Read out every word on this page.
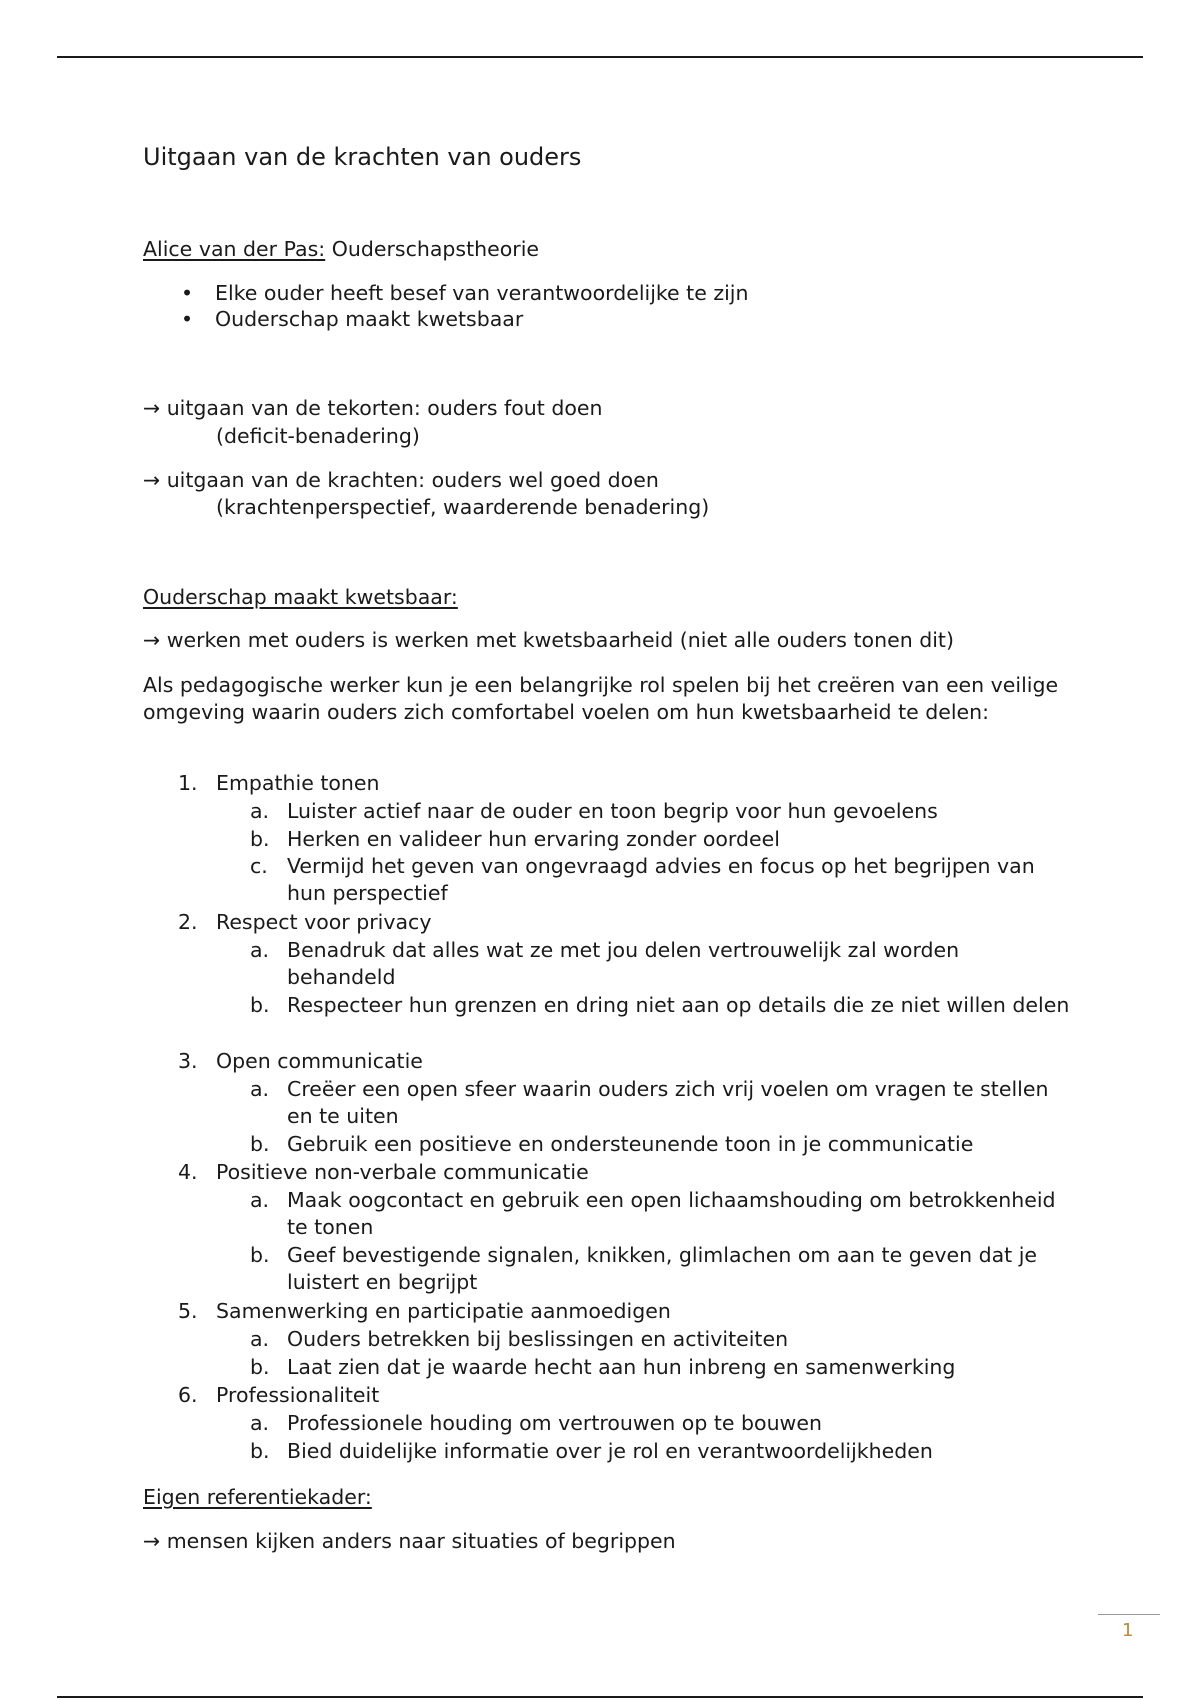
Uitgaan van de krachten van ouders
Alice van der Pas: Ouderschapstheorie
• Elke ouder heeft besef van verantwoordelijke te zijn
• Ouderschap maakt kwetsbaar
→ uitgaan van de tekorten: ouders fout doen
(deficit-benadering)
→ uitgaan van de krachten: ouders wel goed doen
(krachtenperspectief, waarderende benadering)
Ouderschap maakt kwetsbaar:
→ werken met ouders is werken met kwetsbaarheid (niet alle ouders tonen dit)
Als pedagogische werker kun je een belangrijke rol spelen bij het creëren van een veilige omgeving waarin ouders zich comfortabel voelen om hun kwetsbaarheid te delen:
1. Empathie tonen
a. Luister actief naar de ouder en toon begrip voor hun gevoelens
b. Herken en valideer hun ervaring zonder oordeel
c. Vermijd het geven van ongevraagd advies en focus op het begrijpen van hun perspectief
2. Respect voor privacy
a. Benadruk dat alles wat ze met jou delen vertrouwelijk zal worden behandeld
b. Respecteer hun grenzen en dring niet aan op details die ze niet willen delen
3. Open communicatie
a. Creëer een open sfeer waarin ouders zich vrij voelen om vragen te stellen en te uiten
b. Gebruik een positieve en ondersteunende toon in je communicatie
4. Positieve non-verbale communicatie
a. Maak oogcontact en gebruik een open lichaamshouding om betrokkenheid te tonen
b. Geef bevestigende signalen, knikken, glimlachen om aan te geven dat je luistert en begrijpt
5. Samenwerking en participatie aanmoedigen
a. Ouders betrekken bij beslissingen en activiteiten
b. Laat zien dat je waarde hecht aan hun inbreng en samenwerking
6. Professionaliteit
a. Professionele houding om vertrouwen op te bouwen
b. Bied duidelijke informatie over je rol en verantwoordelijkheden
Eigen referentiekader:
→ mensen kijken anders naar situaties of begrippen
1
